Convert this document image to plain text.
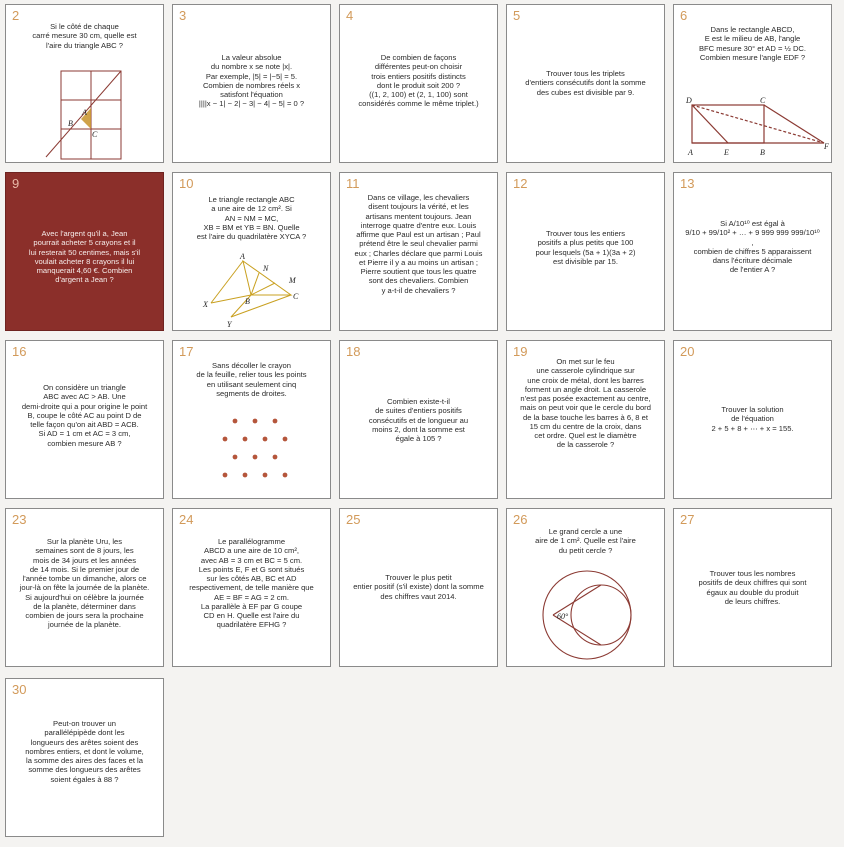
2
Si le côté de chaque
carré mesure 30 cm, quelle est
l'aire du triangle ABC ?
A
B
C
3
La valeur absolue
du nombre x se note |x|.
Par exemple, |5| = |−5| = 5.
Combien de nombres réels x
satisfont l'équation
||||x − 1| − 2| − 3| − 4| − 5| = 0 ?
4
De combien de façons
différentes peut-on choisir
trois entiers positifs distincts
dont le produit soit 200 ?
((1, 2, 100) et (2, 1, 100) sont
considérés comme le même triplet.)
5
Trouver tous les triplets
d'entiers consécutifs dont la somme
des cubes est divisible par 9.
6
Dans le rectangle ABCD,
E est le milieu de AB, l'angle
BFC mesure 30° et AD = ½ DC.
Combien mesure l'angle EDF ?
D	C
A	E	B
F
9
Avec l'argent qu'il a, Jean
pourrait acheter 5 crayons et il
lui resterait 50 centimes, mais s'il
voulait acheter 8 crayons il lui
manquerait 4,60 €. Combien
d'argent a Jean ?
10
Le triangle rectangle ABC
a une aire de 12 cm². Si
AN = NM = MC,
XB = BM et YB = BN. Quelle
est l'aire du quadrilatère XYCA ?
A
N
M
X	B
C
Y
11
Dans ce village, les chevaliers
disent toujours la vérité, et les
artisans mentent toujours. Jean
interroge quatre d'entre eux. Louis
affirme que Paul est un artisan ; Paul
prétend être le seul chevalier parmi
eux ; Charles déclare que parmi Louis
et Pierre il y a au moins un artisan ;
Pierre soutient que tous les quatre
sont des chevaliers. Combien
y a-t-il de chevaliers ?
12
Trouver tous les entiers
positifs a plus petits que 100
pour lesquels (5a + 1)(3a + 2)
est divisible par 15.
13
Si A/10¹⁰ est égal à
9/10 + 99/10² + … + 9 999 999 999/10¹⁰ ,
combien de chiffres 5 apparaissent
dans l'écriture décimale
de l'entier A ?
16
On considère un triangle
ABC avec AC > AB. Une
demi-droite qui a pour origine le point
B, coupe le côté AC au point D de
telle façon qu'on ait ABD = ACB.
Si AD = 1 cm et AC = 3 cm,
combien mesure AB ?
17
Sans décoller le crayon
de la feuille, relier tous les points
en utilisant seulement cinq
segments de droites.
18
Combien existe-t-il
de suites d'entiers positifs
consécutifs et de longueur au
moins 2, dont la somme est
égale à 105 ?
19
On met sur le feu
une casserole cylindrique sur
une croix de métal, dont les barres
forment un angle droit. La casserole
n'est pas posée exactement au centre,
mais on peut voir que le cercle du bord
de la base touche les barres à 6, 8 et
15 cm du centre de la croix, dans
cet ordre. Quel est le diamètre
de la casserole ?
20
Trouver la solution
de l'équation
2 + 5 + 8 + ⋯ + x = 155.
23
Sur la planète Uru, les
semaines sont de 8 jours, les
mois de 34 jours et les années
de 14 mois. Si le premier jour de
l'année tombe un dimanche, alors ce
jour-là on fête la journée de la planète.
Si aujourd'hui on célèbre la journée
de la planète, déterminer dans
combien de jours sera la prochaine
journée de la planète.
24
Le parallélogramme
ABCD a une aire de 10 cm²,
avec AB = 3 cm et BC = 5 cm.
Les points E, F et G sont situés
sur les côtés AB, BC et AD
respectivement, de telle manière que
AE = BF = AG = 2 cm.
La parallèle à EF par G coupe
CD en H. Quelle est l'aire du
quadrilatère EFHG ?
25
Trouver le plus petit
entier positif (s'il existe) dont la somme
des chiffres vaut 2014.
26
Le grand cercle a une
aire de 1 cm². Quelle est l'aire
du petit cercle ?
60°
27
Trouver tous les nombres
positifs de deux chiffres qui sont
égaux au double du produit
de leurs chiffres.
30
Peut-on trouver un
parallélépipède dont les
longueurs des arêtes soient des
nombres entiers, et dont le volume,
la somme des aires des faces et la
somme des longueurs des arêtes
soient égales à 88 ?
